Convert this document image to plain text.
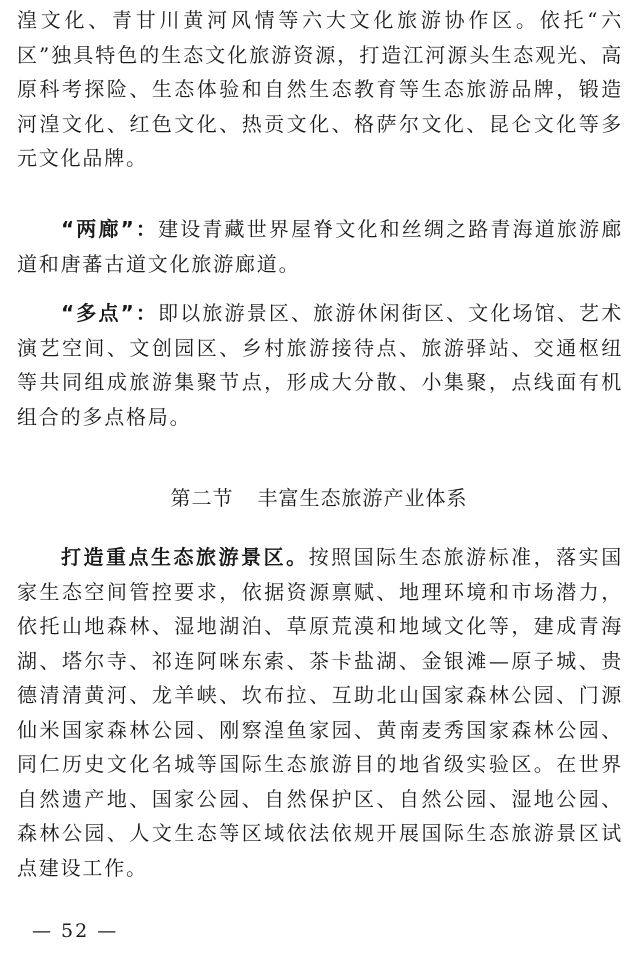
湟文化、青甘川黄河风情等六大文化旅游协作区。依托“六区”独具特色的生态文化旅游资源，打造江河源头生态观光、高原科考探险、生态体验和自然生态教育等生态旅游品牌，锻造河湟文化、红色文化、热贡文化、格萨尔文化、昆仑文化等多元文化品牌。

“两廊”：建设青藏世界屋脊文化和丝绸之路青海道旅游廊道和唐蕃古道文化旅游廊道。

“多点”：即以旅游景区、旅游休闲街区、文化场馆、艺术演艺空间、文创园区、乡村旅游接待点、旅游驿站、交通枢纽等共同组成旅游集聚节点，形成大分散、小集聚，点线面有机组合的多点格局。

第二节 丰富生态旅游产业体系

打造重点生态旅游景区。按照国际生态旅游标准，落实国家生态空间管控要求，依据资源禀赋、地理环境和市场潜力，依托山地森林、湿地湖泊、草原荒漠和地域文化等，建成青海湖、塔尔寺、祁连阿咪东索、茶卡盐湖、金银滩—原子城、贵德清清黄河、龙羊峡、坎布拉、互助北山国家森林公园、门源仙米国家森林公园、刚察湟鱼家园、黄南麦秀国家森林公园、同仁历史文化名城等国际生态旅游目的地省级实验区。在世界自然遗产地、国家公园、自然保护区、自然公园、湿地公园、森林公园、人文生态等区域依法依规开展国际生态旅游景区试点建设工作。

— 52 —
